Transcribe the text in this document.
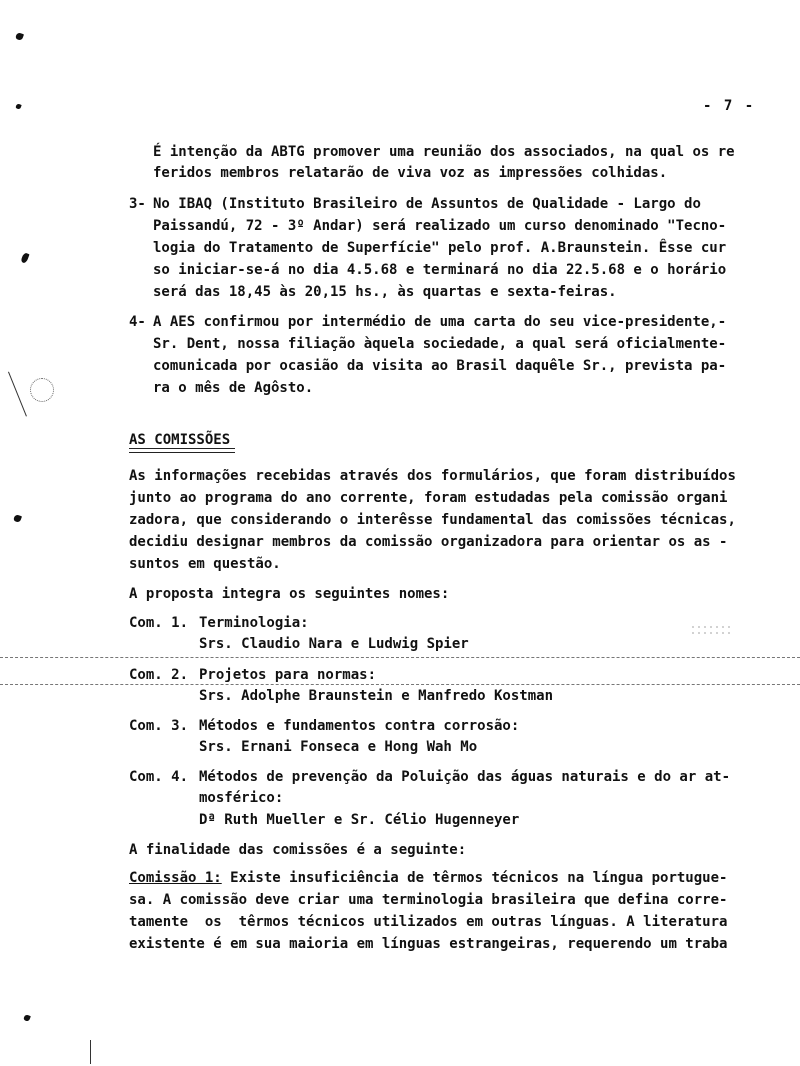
- 7 -
É intenção da ABTG promover uma reunião dos associados, na qual os re
feridos membros relatarão de viva voz as impressões colhidas.
3- No IBAQ (Instituto Brasileiro de Assuntos de Qualidade - Largo do
Paissandú, 72 - 3º Andar) será realizado um curso denominado "Tecno-
logia do Tratamento de Superfície" pelo prof. A.Braunstein. Êsse cur
so iniciar-se-á no dia 4.5.68 e terminará no dia 22.5.68 e o horário
será das 18,45 às 20,15 hs., às quartas e sexta-feiras.
4- A AES confirmou por intermédio de uma carta do seu vice-presidente,-
Sr. Dent, nossa filiação àquela sociedade, a qual será oficialmente-
comunicada por ocasião da visita ao Brasil daquêle Sr., prevista pa-
ra o mês de Agôsto.
AS COMISSÕES
As informações recebidas através dos formulários, que foram distribuídos
junto ao programa do ano corrente, foram estudadas pela comissão organi
zadora, que considerando o interêsse fundamental das comissões técnicas,
decidiu designar membros da comissão organizadora para orientar os as -
suntos em questão.
A proposta integra os seguintes nomes:
Com. 1. Terminologia:
Srs. Claudio Nara e Ludwig Spier
Com. 2. Projetos para normas:
Srs. Adolphe Braunstein e Manfredo Kostman
Com. 3. Métodos e fundamentos contra corrosão:
Srs. Ernani Fonseca e Hong Wah Mo
Com. 4. Métodos de prevenção da Poluição das águas naturais e do ar at-
mosférico:
Dª Ruth Mueller e Sr. Célio Hugenneyer
A finalidade das comissões é a seguinte:
Comissão 1: Existe insuficiência de têrmos técnicos na língua portugue-
sa. A comissão deve criar uma terminologia brasileira que defina corre-
tamente  os  têrmos técnicos utilizados em outras línguas. A literatura
existente é em sua maioria em línguas estrangeiras, requerendo um traba
